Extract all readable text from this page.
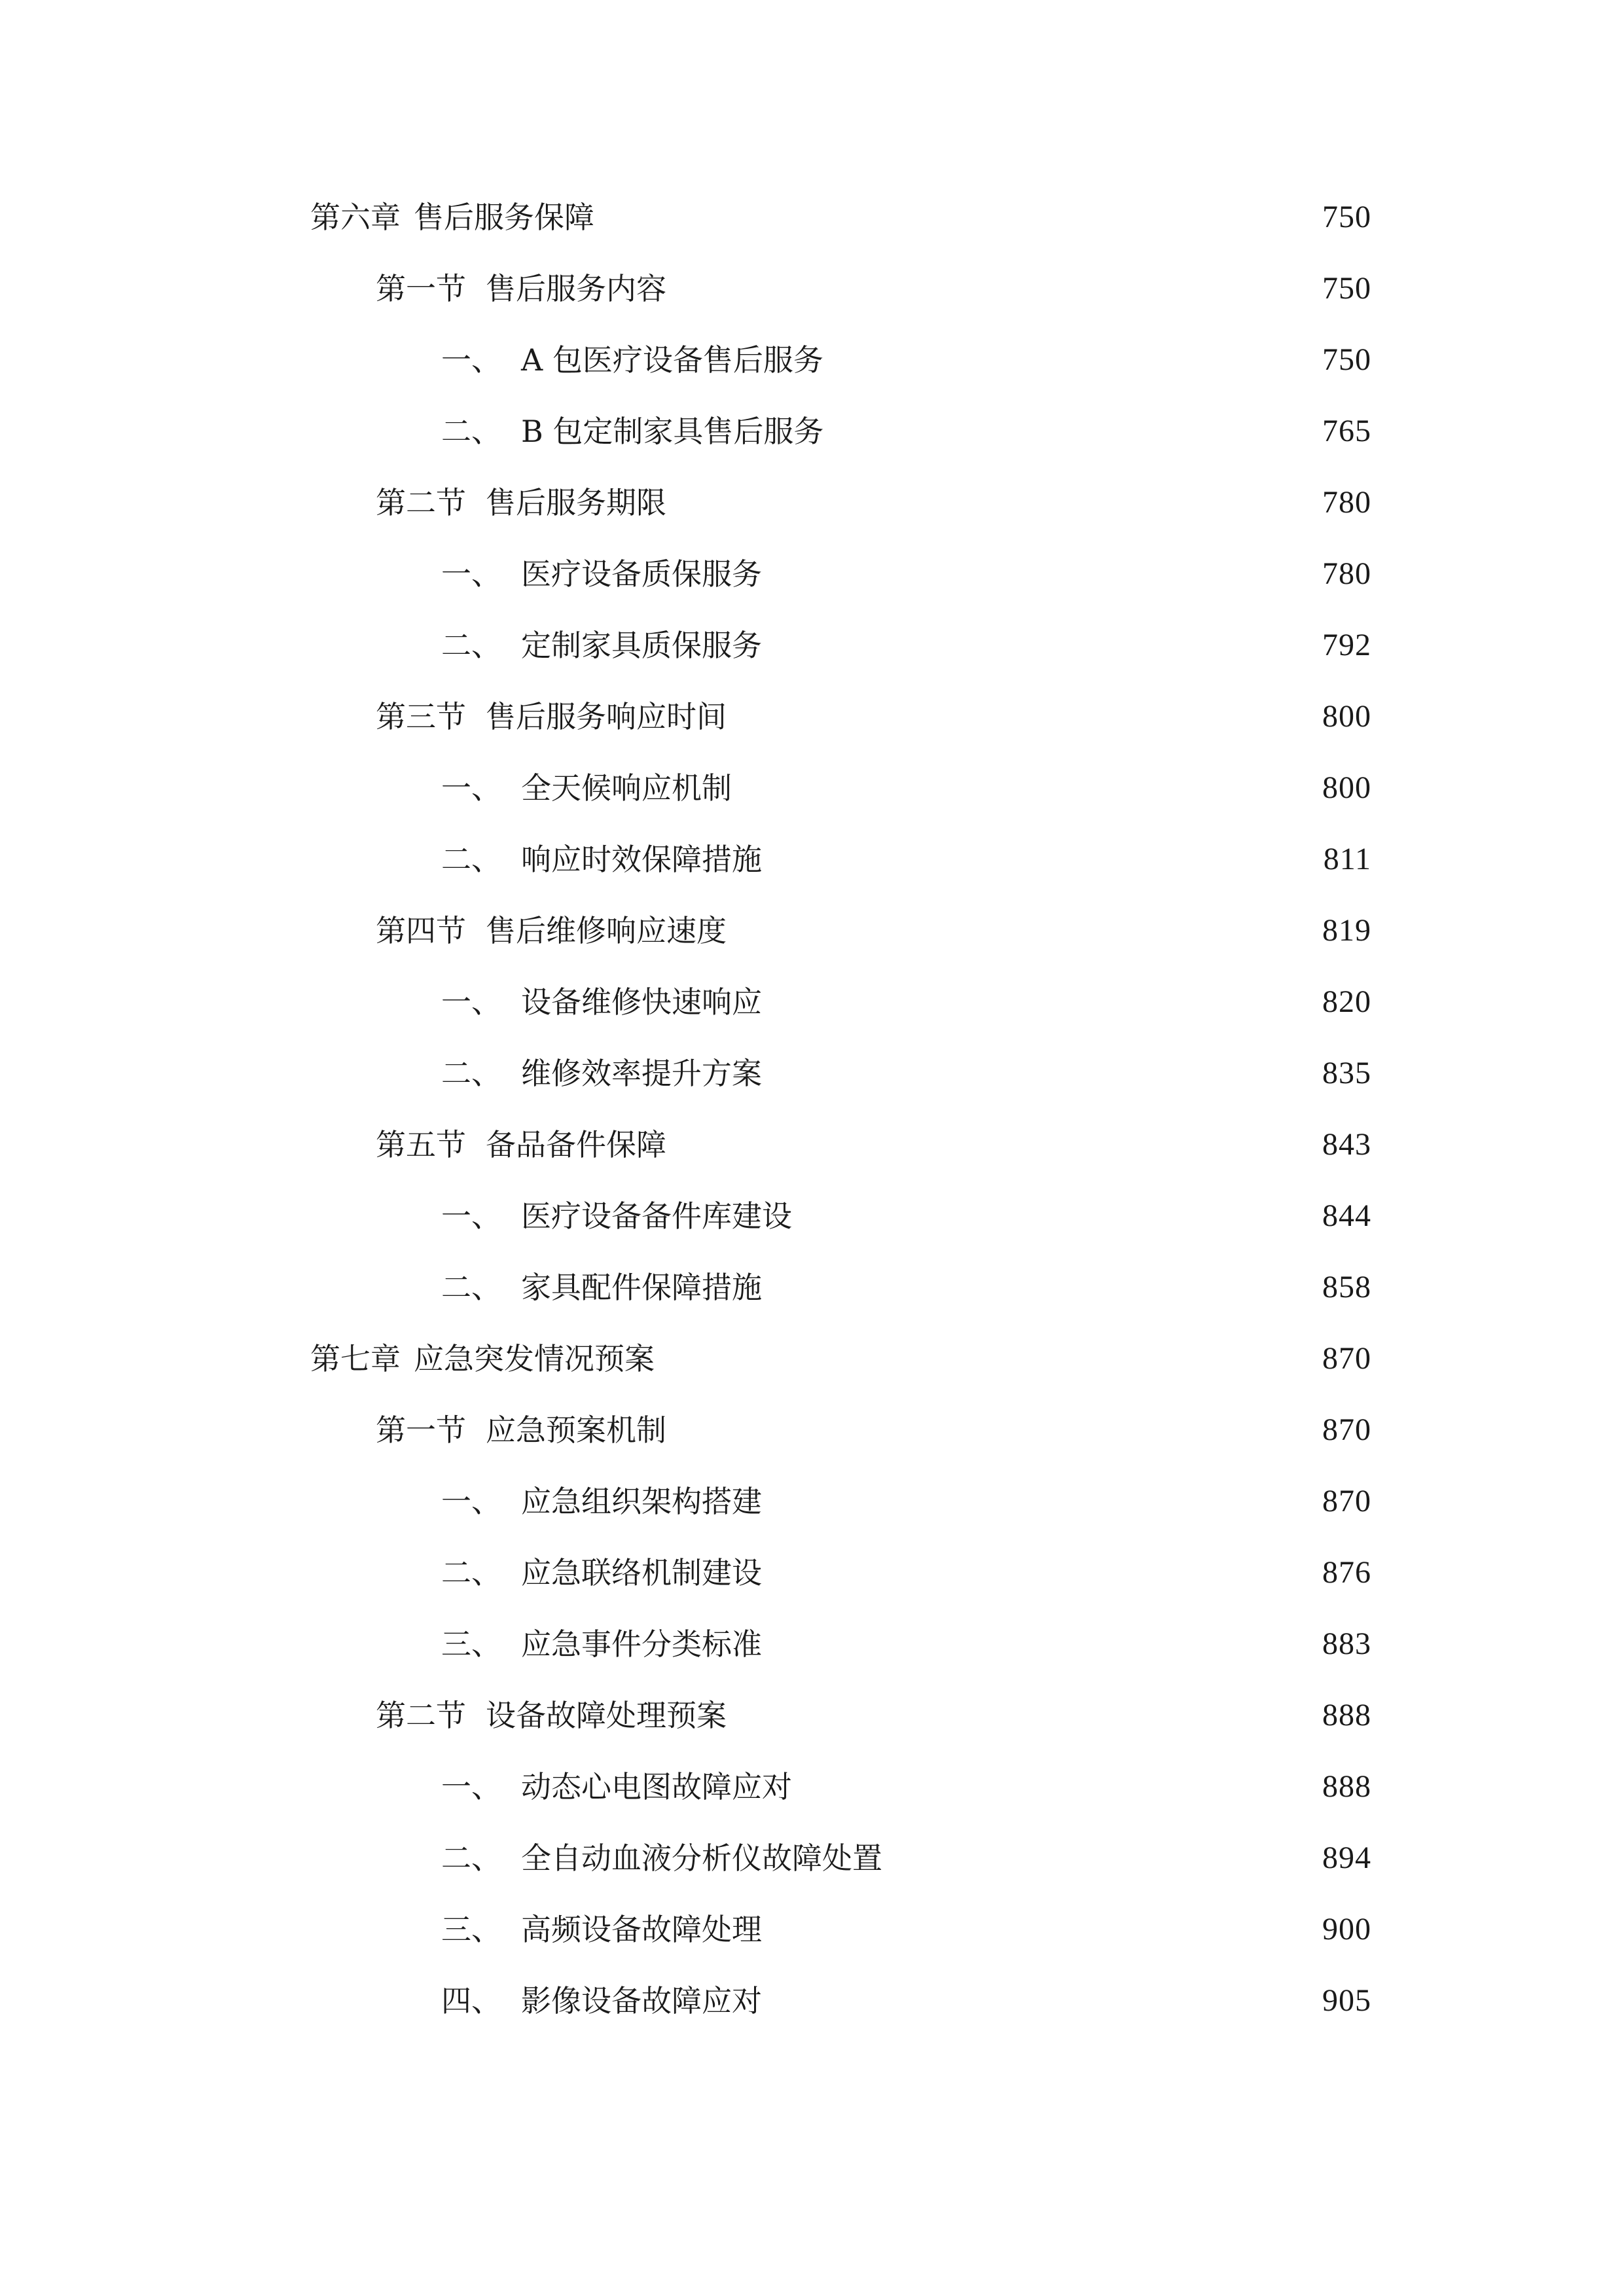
第六章 售后服务保障	750
第一节 售后服务内容	750
一、 A 包医疗设备售后服务	750
二、 B 包定制家具售后服务	765
第二节 售后服务期限	780
一、 医疗设备质保服务	780
二、 定制家具质保服务	792
第三节 售后服务响应时间	800
一、 全天候响应机制	800
二、 响应时效保障措施	811
第四节 售后维修响应速度	819
一、 设备维修快速响应	820
二、 维修效率提升方案	835
第五节 备品备件保障	843
一、 医疗设备备件库建设	844
二、 家具配件保障措施	858
第七章 应急突发情况预案	870
第一节 应急预案机制	870
一、 应急组织架构搭建	870
二、 应急联络机制建设	876
三、 应急事件分类标准	883
第二节 设备故障处理预案	888
一、 动态心电图故障应对	888
二、 全自动血液分析仪故障处置	894
三、 高频设备故障处理	900
四、 影像设备故障应对	905
